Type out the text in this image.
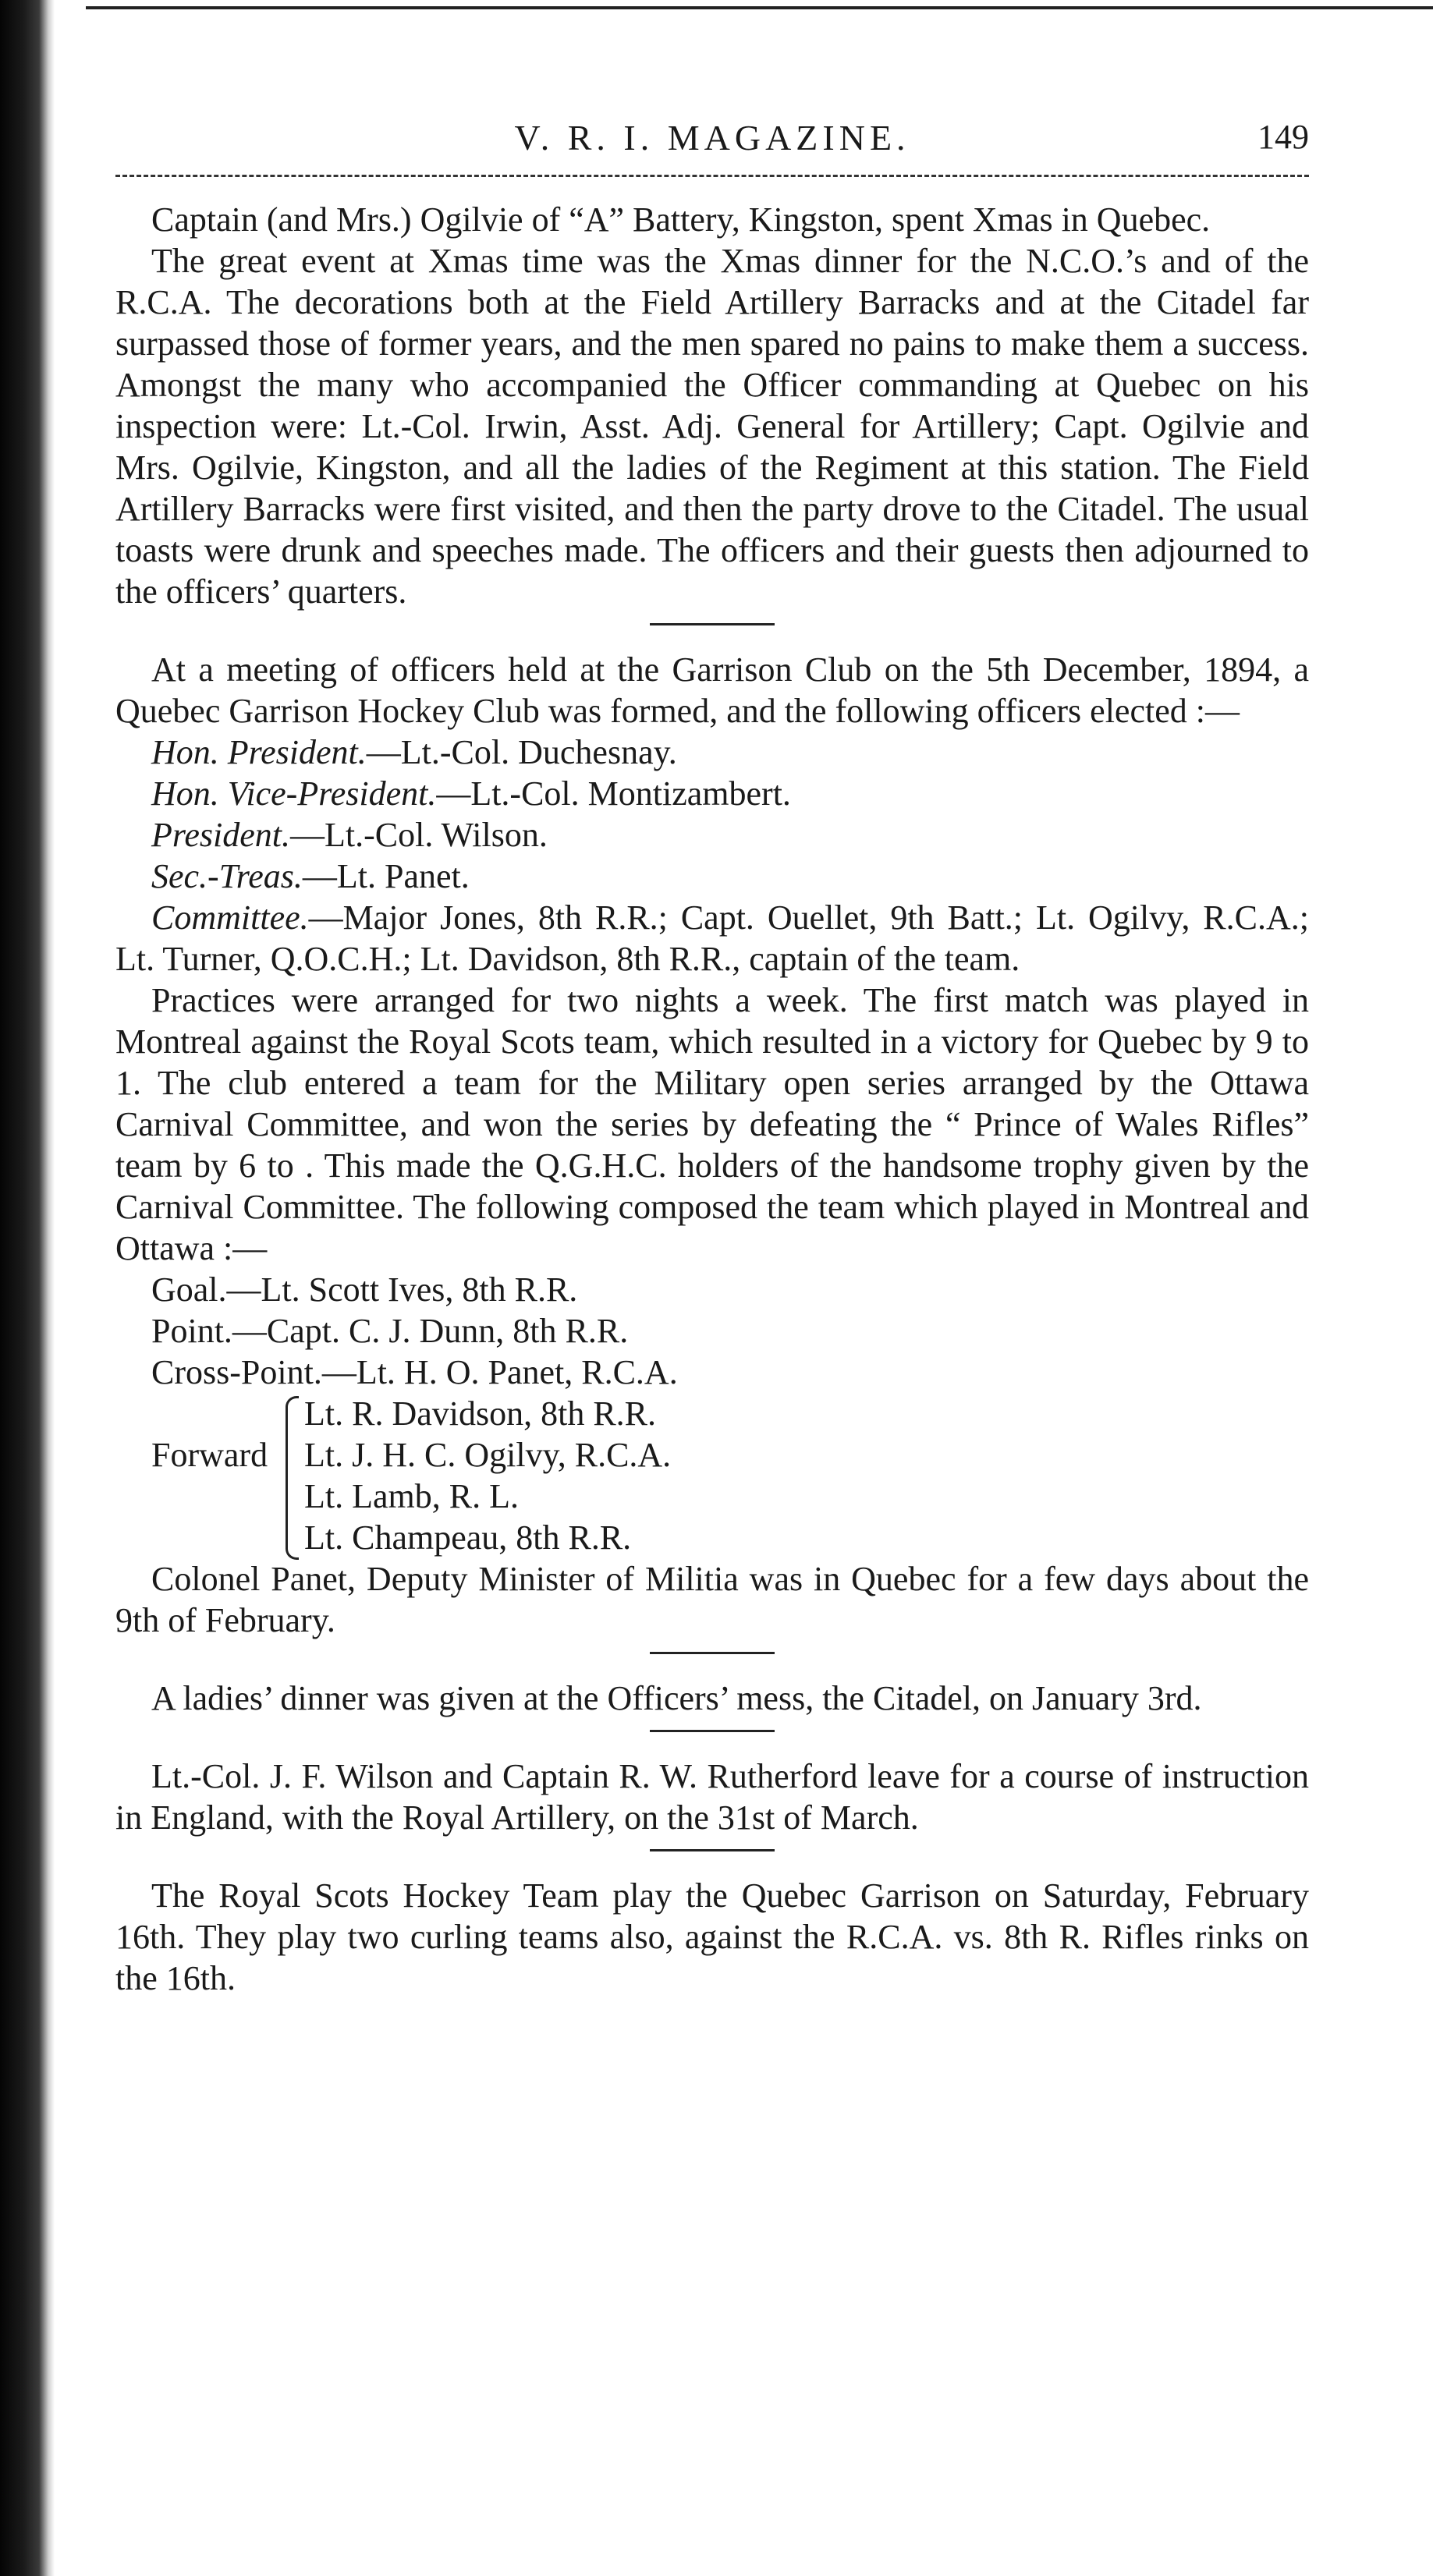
V. R. I. MAGAZINE.	149

Captain (and Mrs.) Ogilvie of “A” Battery, Kingston, spent Xmas in Quebec.

The great event at Xmas time was the Xmas dinner for the N.C.O.’s and of the R.C.A. The decorations both at the Field Artillery Barracks and at the Citadel far surpassed those of former years, and the men spared no pains to make them a success. Amongst the many who accompanied the Officer commanding at Quebec on his inspection were: Lt.-Col. Irwin, Asst. Adj. General for Artillery; Capt. Ogilvie and Mrs. Ogilvie, Kingston, and all the ladies of the Regiment at this station. The Field Artillery Barracks were first visited, and then the party drove to the Citadel. The usual toasts were drunk and speeches made. The officers and their guests then adjourned to the officers’ quarters.

At a meeting of officers held at the Garrison Club on the 5th December, 1894, a Quebec Garrison Hockey Club was formed, and the following officers elected :—

Hon. President.—Lt.-Col. Duchesnay.
Hon. Vice-President.—Lt.-Col. Montizambert.
President.—Lt.-Col. Wilson.
Sec.-Treas.—Lt. Panet.

Committee.—Major Jones, 8th R.R.; Capt. Ouellet, 9th Batt.; Lt. Ogilvy, R.C.A.; Lt. Turner, Q.O.C.H.; Lt. Davidson, 8th R.R., captain of the team.

Practices were arranged for two nights a week. The first match was played in Montreal against the Royal Scots team, which resulted in a victory for Quebec by 9 to 1. The club entered a team for the Military open series arranged by the Ottawa Carnival Committee, and won the series by defeating the “ Prince of Wales Rifles” team by 6 to . This made the Q.G.H.C. holders of the handsome trophy given by the Carnival Committee. The following composed the team which played in Montreal and Ottawa :—

Goal.—Lt. Scott Ives, 8th R.R.
Point.—Capt. C. J. Dunn, 8th R.R.
Cross-Point.—Lt. H. O. Panet, R.C.A.
Forward
Lt. R. Davidson, 8th R.R.
Lt. J. H. C. Ogilvy, R.C.A.
Lt. Lamb, R. L.
Lt. Champeau, 8th R.R.

Colonel Panet, Deputy Minister of Militia was in Quebec for a few days about the 9th of February.

A ladies’ dinner was given at the Officers’ mess, the Citadel, on January 3rd.

Lt.-Col. J. F. Wilson and Captain R. W. Rutherford leave for a course of instruction in England, with the Royal Artillery, on the 31st of March.

The Royal Scots Hockey Team play the Quebec Garrison on Saturday, February 16th. They play two curling teams also, against the R.C.A. vs. 8th R. Rifles rinks on the 16th.
